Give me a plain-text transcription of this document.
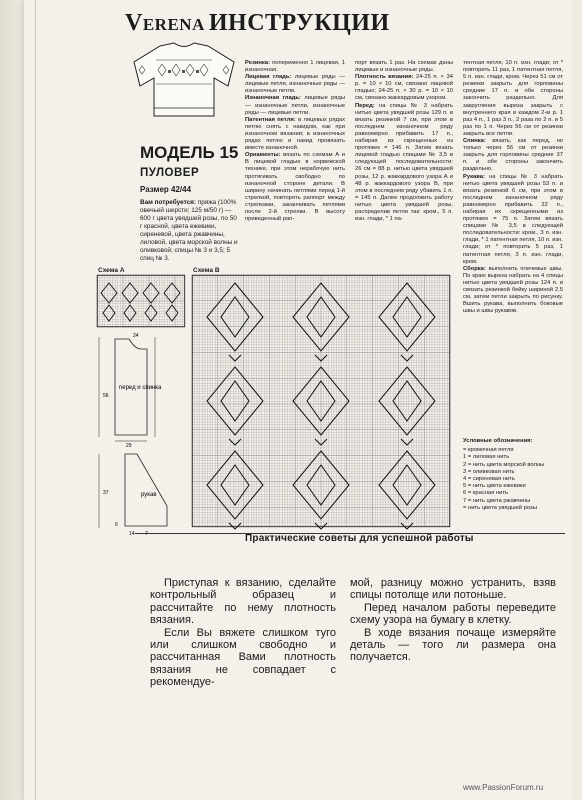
VERENA ИНСТРУКЦИИ
МОДЕЛЬ 15
ПУЛОВЕР
Размер 42/44
Вам потребуется: пряжа (100% овечьей шерсти; 125 м/50 г) — 600 г цвета увядшей розы, по 50 г красной, цвета ежевики, сиреневой, цвета ржавчины, лиловой, цвета морской волны и оливковой; спицы № 3 и 3,5; 5 спиц № 3.
Резинка: попеременно 1 лицевая, 1 изнаночная.
Лицевая гладь: лицевые ряды — лицевые петли, изнаночные ряды — изнаночные петли.
Изнаночная гладь: лицевые ряды — изнаночные петли, изнаночные ряды — лицевые петли.
Патентная петля: в лицевых рядах петлю снять с накидом, как при изнаночном вязании; в изнаночных рядах петлю и накид провязать вместе изнаночной.
Орнаменты: вязать по схемам А и В лицевой гладью в норвежской технике, при этом нерабочую нить протягивать свободно по изнаночной стороне детали. В ширину начинать петлями перед 1-й стрелкой, повторять раппорт между стрелками, заканчивать петлями после 2-й стрелки. В высоту приведенный рап-
порт вязать 1 раз. На схемах даны лицевые и изнаночные ряды.
Плотность вязания: 24-25 п. × 34 р. = 10 × 10 см, связано лицевой гладью; 24-25 п. × 30 р. = 10 × 10 см, связано жаккардовым узором.
Перед: на спицы № 3 набрать нитью цвета увядшей розы 129 п. и вязать резинкой 7 см, при этом в последнем изнаночном ряду равномерно прибавить 17 п., набирая из скрещенных из протяжек = 146 п. Затем вязать лицевой гладью спицами № 3,5 в следующей последовательности: 26 см = 88 р. нитью цвета увядшей розы, 12 р. жаккардового узора А и 48 р. жаккардового узора В, при этом в последнем ряду убавить 1 п. = 145 п. Далее продолжить работу нитью цвета увядшей розы, распределив петли так: кром., 5 п. изн. глади, * 1 па-
тентная петля, 10 п. изн. глади; от * повторить 11 раз, 1 патентная петля, 5 п. изн. глади, кром. Через 51 см от резинки закрыть для горловины средние 17 п. и обе стороны закончить раздельно. Для закругления выреза закрыть с внутреннего края в каждом 2-м р. 1 раз 4 п., 1 раз 3 п., 2 раза по 2 п. и 5 раз по 1 п. Через 56 см от резинки закрыть все петли.
Спинка: вязать, как перед, но только через 56 см от резинки закрыть для горловины средние 37 п. и обе стороны закончить раздельно.
Рукава: на спицы № 3 набрать нитью цвета увядшей розы 53 п. и вязать резинкой 6 см, при этом в последнем изнаночном ряду равномерно прибавить 22 п., набирая их скрещенными из протяжек = 75 п. Затем вязать спицами № 3,5 в следующей последовательности: кром., 3 п. изн. глади, * 1 патентная петля, 10 п. изн. глади; от * повторить 5 раз, 1 патентная петля, 3 п. изн. глади, кром.
Сборка: выполнить плечевые швы. По краю выреза набрать на 4 спицы нитью цвета увядшей розы 124 п. и связать резинкой бейку шириной 2,5 см, затем петли закрыть по рисунку. Вшить рукава, выполнить боковые швы и швы рукавов.
Схема А	Схема В
перед и спинка
29
56
24
рукав
37
6
14 7
Условные обозначения:
= кромочная петля
1 = лиловая нить
2 = нить цвета морской волны
3 = оливковая нить
4 = сиреневая нить
5 = нить цвета ежевики
6 = красная нить
7 = нить цвета ржавчины
= нить цвета увядшей розы
Практические советы для успешной работы

Приступая к вязанию, сделайте контрольный образец и рассчитайте по нему плотность вязания.

Если Вы вяжете слишком туго или слишком свободно и рассчитанная Вами плотность вязания не совпадает с рекомендуе-

мой, разницу можно устранить, взяв спицы потолще или потоньше.

Перед началом работы переведите схему узора на бумагу в клетку.

В ходе вязания почаще измеряйте деталь — того ли размера она получается.

www.PassionForum.ru
